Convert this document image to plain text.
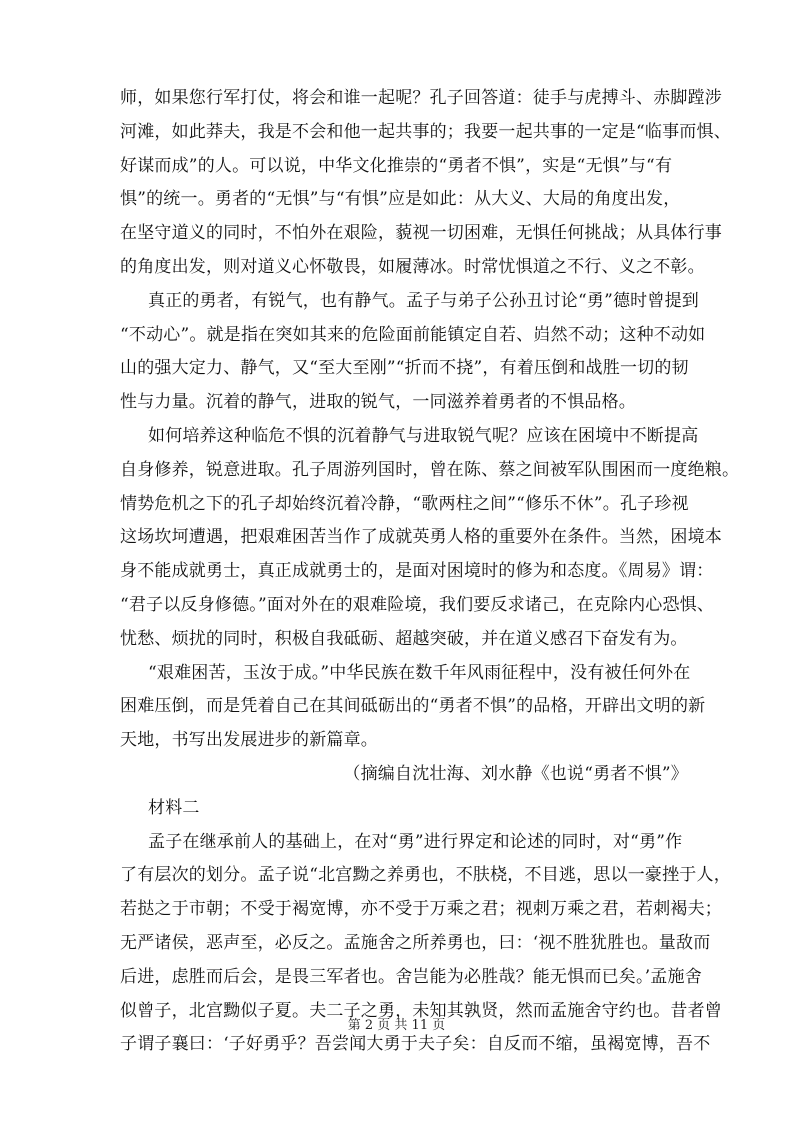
师，如果您行军打仗，将会和谁一起呢？孔子回答道：徒手与虎搏斗、赤脚蹚涉
河滩，如此莽夫，我是不会和他一起共事的；我要一起共事的一定是“临事而惧、
好谋而成”的人。可以说，中华文化推崇的“勇者不惧”，实是“无惧”与“有
惧”的统一。勇者的“无惧”与“有惧”应是如此：从大义、大局的角度出发，
在坚守道义的同时，不怕外在艰险，藐视一切困难，无惧任何挑战；从具体行事
的角度出发，则对道义心怀敬畏，如履薄冰。时常忧惧道之不行、义之不彰。
真正的勇者，有锐气，也有静气。孟子与弟子公孙丑讨论“勇”德时曾提到
“不动心”。就是指在突如其来的危险面前能镇定自若、岿然不动；这种不动如
山的强大定力、静气，又“至大至刚”“折而不挠”，有着压倒和战胜一切的韧
性与力量。沉着的静气，进取的锐气，一同滋养着勇者的不惧品格。
如何培养这种临危不惧的沉着静气与进取锐气呢？应该在困境中不断提高
自身修养，锐意进取。孔子周游列国时，曾在陈、蔡之间被军队围困而一度绝粮。
情势危机之下的孔子却始终沉着冷静，“歌两柱之间”“修乐不休”。孔子珍视
这场坎坷遭遇，把艰难困苦当作了成就英勇人格的重要外在条件。当然，困境本
身不能成就勇士，真正成就勇士的，是面对困境时的修为和态度。《周易》谓：
“君子以反身修德。”面对外在的艰难险境，我们要反求诸己，在克除内心恐惧、
忧愁、烦扰的同时，积极自我砥砺、超越突破，并在道义感召下奋发有为。
“艰难困苦，玉汝于成。”中华民族在数千年风雨征程中，没有被任何外在
困难压倒，而是凭着自己在其间砥砺出的“勇者不惧”的品格，开辟出文明的新
天地，书写出发展进步的新篇章。
（摘编自沈壮海、刘水静《也说“勇者不惧”》
材料二
孟子在继承前人的基础上，在对“勇”进行界定和论述的同时，对“勇”作
了有层次的划分。孟子说“北宫黝之养勇也，不肤桡，不目逃，思以一豪挫于人，
若挞之于市朝；不受于褐宽博，亦不受于万乘之君；视刺万乘之君，若刺褐夫；
无严诸侯，恶声至，必反之。孟施舍之所养勇也，曰：‘视不胜犹胜也。量敌而
后进，虑胜而后会，是畏三军者也。舍岂能为必胜哉？能无惧而已矣。’孟施舍
似曾子，北宫黝似子夏。夫二子之勇，未知其孰贤，然而孟施舍守约也。昔者曾
子谓子襄曰：‘子好勇乎？吾尝闻大勇于夫子矣：自反而不缩，虽褐宽博，吾不
第 2 页 共 11 页
